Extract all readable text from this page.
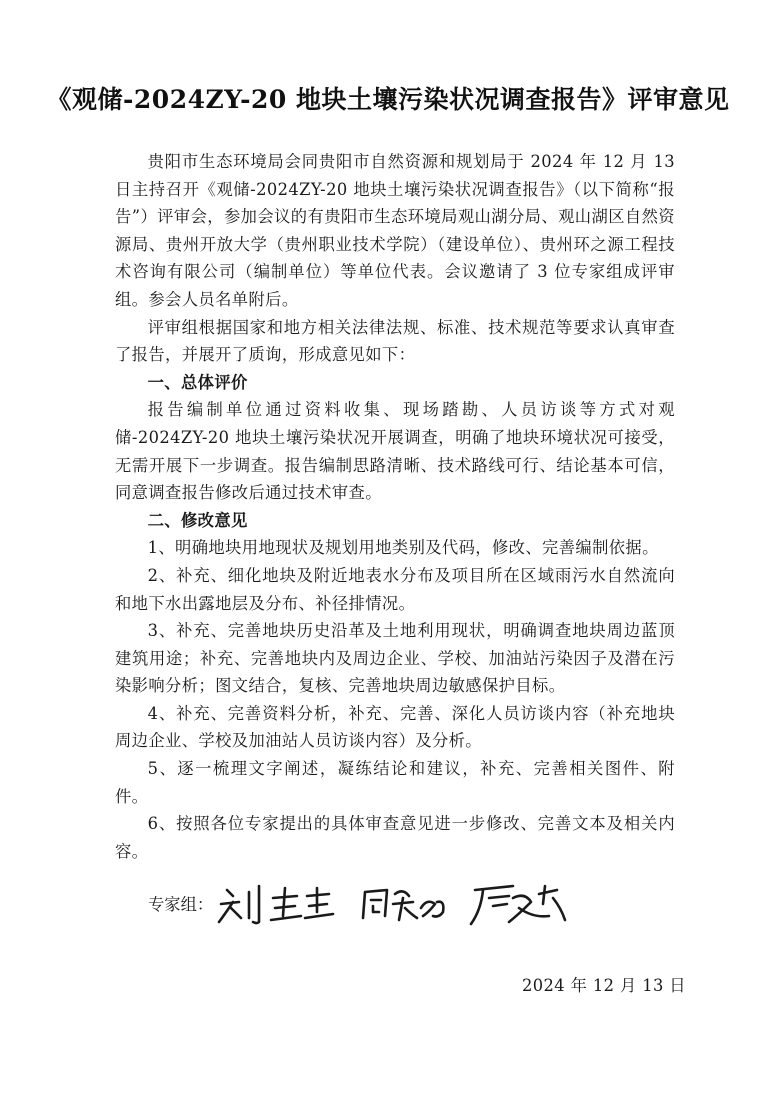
《观储-2024ZY-20 地块土壤污染状况调查报告》评审意见

贵阳市生态环境局会同贵阳市自然资源和规划局于 2024 年 12 月 13 日主持召开《观储-2024ZY-20 地块土壤污染状况调查报告》（以下简称“报告”）评审会，参加会议的有贵阳市生态环境局观山湖分局、观山湖区自然资源局、贵州开放大学（贵州职业技术学院）（建设单位）、贵州环之源工程技术咨询有限公司（编制单位）等单位代表。会议邀请了 3 位专家组成评审组。参会人员名单附后。

评审组根据国家和地方相关法律法规、标准、技术规范等要求认真审查了报告，并展开了质询，形成意见如下：

一、总体评价

报告编制单位通过资料收集、现场踏勘、人员访谈等方式对观储-2024ZY-20 地块土壤污染状况开展调查，明确了地块环境状况可接受，无需开展下一步调查。报告编制思路清晰、技术路线可行、结论基本可信，同意调查报告修改后通过技术审查。

二、修改意见

1、明确地块用地现状及规划用地类别及代码，修改、完善编制依据。

2、补充、细化地块及附近地表水分布及项目所在区域雨污水自然流向和地下水出露地层及分布、补径排情况。

3、补充、完善地块历史沿革及土地利用现状，明确调查地块周边蓝顶建筑用途；补充、完善地块内及周边企业、学校、加油站污染因子及潜在污染影响分析；图文结合，复核、完善地块周边敏感保护目标。

4、补充、完善资料分析，补充、完善、深化人员访谈内容（补充地块周边企业、学校及加油站人员访谈内容）及分析。

5、逐一梳理文字阐述，凝练结论和建议，补充、完善相关图件、附件。

6、按照各位专家提出的具体审查意见进一步修改、完善文本及相关内容。

专家组：
2024 年 12 月 13 日
